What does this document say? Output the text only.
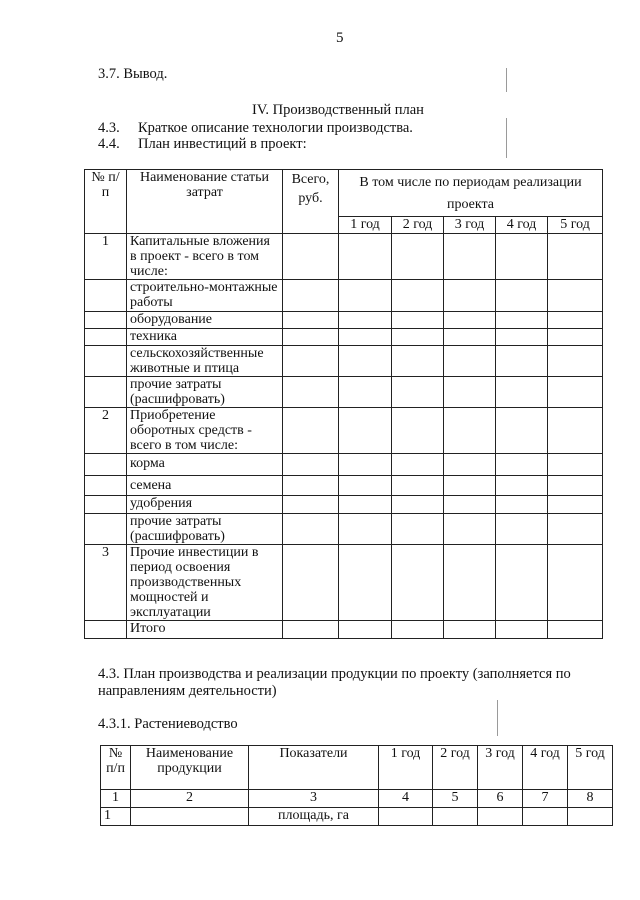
5
3.7. Вывод.
IV. Производственный план
4.3. Краткое описание технологии производства.
4.4. План инвестиций в проект:
№ п/п	Наименование статьи затрат	Всего, руб.	В том числе по периодам реализации проекта				
			1 год	2 год	3 год	4 год	5 год
1	Капитальные вложения в проект - всего в том числе:						
	строительно-монтажные работы						
	оборудование						
	техника						
	сельскохозяйственные животные и птица						
	прочие затраты (расшифровать)						
2	Приобретение оборотных средств - всего в том числе:						
	корма						
	семена						
	удобрения						
	прочие затраты (расшифровать)						
3	Прочие инвестиции в период освоения производственных мощностей и эксплуатации						
	Итого						
4.3. План производства и реализации продукции по проекту (заполняется по направлениям деятельности)
4.3.1. Растениеводство
№ п/п	Наименование продукции	Показатели	1 год	2 год	3 год	4 год	5 год
1	2	3	4	5	6	7	8
1		площадь, га					
